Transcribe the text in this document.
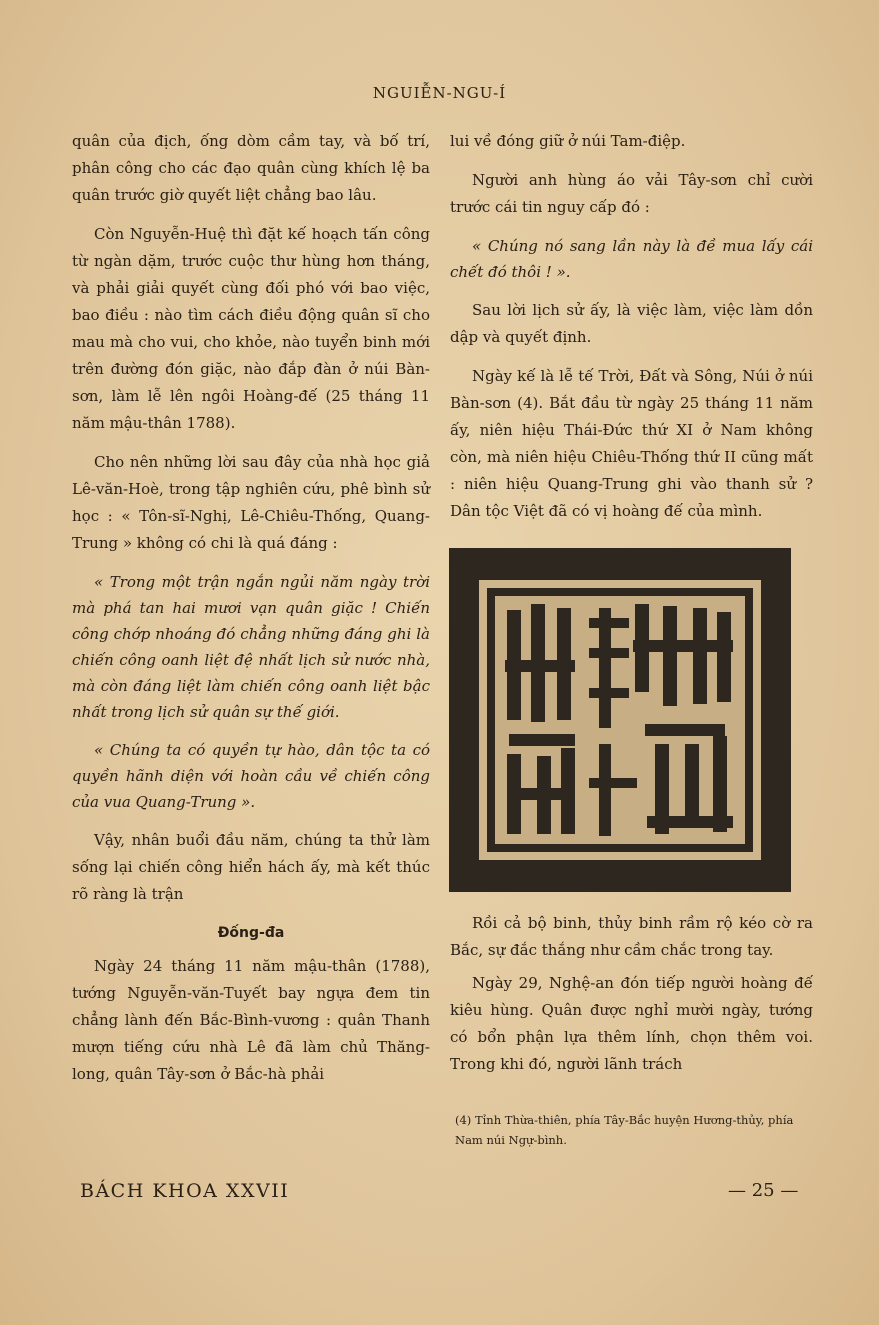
NGUIỄN-NGU-Í

quân của địch, ống dòm cầm tay, và bố trí, phân công cho các đạo quân cùng khích lệ ba quân trước giờ quyết liệt chẳng bao lâu.

Còn Nguyễn-Huệ thì đặt kế hoạch tấn công từ ngàn dặm, trước cuộc thư hùng hơn tháng, và phải giải quyết cùng đối phó với bao việc, bao điều : nào tìm cách điều động quân sĩ cho mau mà cho vui, cho khỏe, nào tuyển binh mới trên đường đón giặc, nào đắp đàn ở núi Bàn-sơn, làm lễ lên ngôi Hoàng-đế (25 tháng 11 năm mậu-thân 1788).

Cho nên những lời sau đây của nhà học giả Lê-văn-Hoè, trong tập nghiên cứu, phê bình sử học : « Tôn-sĩ-Nghị, Lê-Chiêu-Thống, Quang-Trung » không có chi là quá đáng :

« Trong một trận ngắn ngủi năm ngày trời mà phá tan hai mươi vạn quân giặc ! Chiến công chớp nhoáng đó chẳng những đáng ghi là chiến công oanh liệt đệ nhất lịch sử nước nhà, mà còn đáng liệt làm chiến công oanh liệt bậc nhất trong lịch sử quân sự thế giới.

« Chúng ta có quyền tự hào, dân tộc ta có quyền hãnh diện với hoàn cầu về chiến công của vua Quang-Trung ».

Vậy, nhân buổi đầu năm, chúng ta thử làm sống lại chiến công hiển hách ấy, mà kết thúc rõ ràng là trận

Đống-đa

Ngày 24 tháng 11 năm mậu-thân (1788), tướng Nguyễn-văn-Tuyết bay ngựa đem tin chẳng lành đến Bắc-Bình-vương : quân Thanh mượn tiếng cứu nhà Lê đã làm chủ Thăng-long, quân Tây-sơn ở Bắc-hà phải

lui về đóng giữ ở núi Tam-điệp.

Người anh hùng áo vải Tây-sơn chỉ cười trước cái tin nguy cấp đó :

« Chúng nó sang lần này là đề mua lấy cái chết đó thôi ! ».

Sau lời lịch sử ấy, là việc làm, việc làm dồn dập và quyết định.

Ngày kế là lễ tế Trời, Đất và Sông, Núi ở núi Bàn-sơn (4). Bắt đầu từ ngày 25 tháng 11 năm ấy, niên hiệu Thái-Đức thứ XI ở Nam không còn, mà niên hiệu Chiêu-Thống thứ II cũng mất : niên hiệu Quang-Trung ghi vào thanh sử ? Dân tộc Việt đã có vị hoàng đế của mình.

Rồi cả bộ binh, thủy binh rầm rộ kéo cờ ra Bắc, sự đắc thắng như cầm chắc trong tay.

Ngày 29, Nghệ-an đón tiếp người hoàng đế kiêu hùng. Quân được nghỉ mười ngày, tướng có bổn phận lựa thêm lính, chọn thêm voi. Trong khi đó, người lãnh trách

(4) Tỉnh Thừa-thiên, phía Tây-Bắc huyện Hương-thủy, phía Nam núi Ngự-bình.
BÁCH KHOA XXVII	— 25 —
